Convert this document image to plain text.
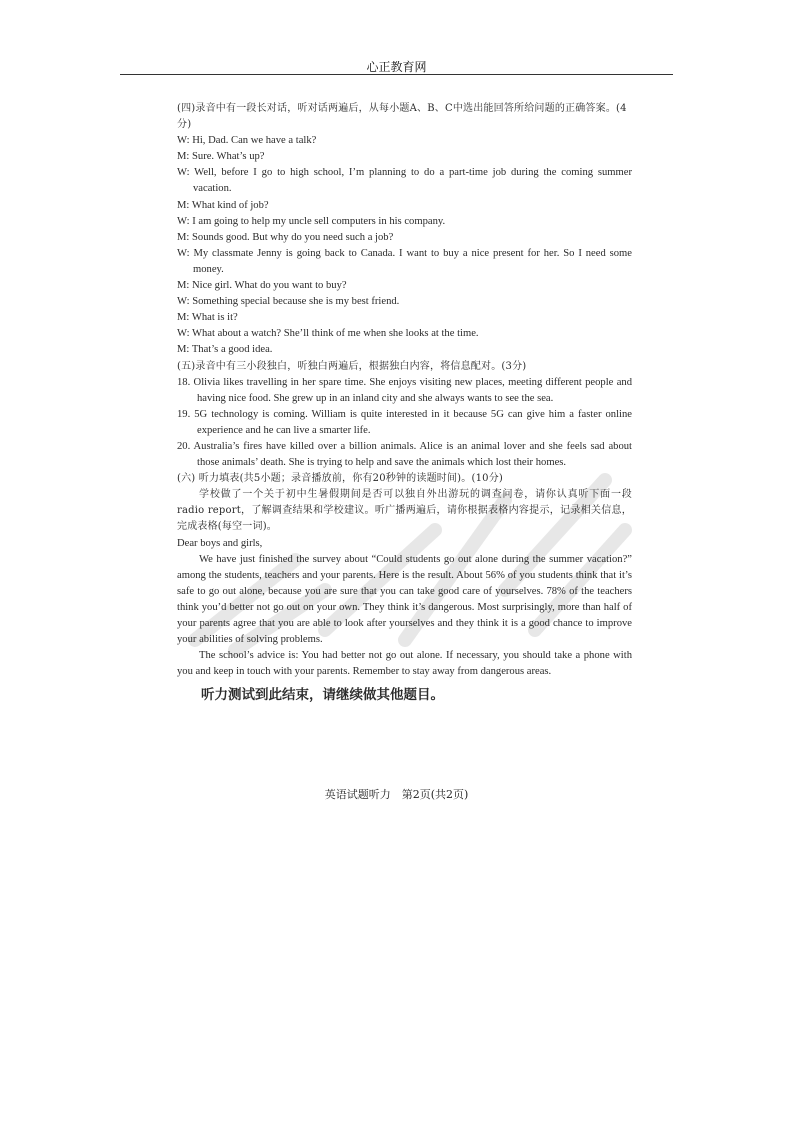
心正教育网

(四)录音中有一段长对话，听对话两遍后，从每小题A、B、C中选出能回答所给问题的正确答案。(4分)

W: Hi, Dad. Can we have a talk?

M: Sure. What’s up?

W: Well, before I go to high school, I’m planning to do a part-time job during the coming summer vacation.

M: What kind of job?

W: I am going to help my uncle sell computers in his company.

M: Sounds good. But why do you need such a job?

W: My classmate Jenny is going back to Canada. I want to buy a nice present for her. So I need some money.

M: Nice girl. What do you want to buy?

W: Something special because she is my best friend.

M: What is it?

W: What about a watch? She’ll think of me when she looks at the time.

M: That’s a good idea.

(五)录音中有三小段独白，听独白两遍后，根据独白内容，将信息配对。(3分)

18. Olivia likes travelling in her spare time. She enjoys visiting new places, meeting different people and having nice food. She grew up in an inland city and she always wants to see the sea.

19. 5G technology is coming. William is quite interested in it because 5G can give him a faster online experience and he can live a smarter life.

20. Australia’s fires have killed over a billion animals. Alice is an animal lover and she feels sad about those animals’ death. She is trying to help and save the animals which lost their homes.

(六) 听力填表(共5小题；录音播放前，你有20秒钟的读题时间)。(10分)

学校做了一个关于初中生暑假期间是否可以独自外出游玩的调查问卷，请你认真听下面一段radio report，了解调查结果和学校建议。听广播两遍后，请你根据表格内容提示，记录相关信息，完成表格(每空一词)。

Dear boys and girls,

We have just finished the survey about “Could students go out alone during the summer vacation?” among the students, teachers and your parents. Here is the result. About 56% of you students think that it’s safe to go out alone, because you are sure that you can take good care of yourselves. 78% of the teachers think you’d better not go out on your own. They think it’s dangerous. Most surprisingly, more than half of your parents agree that you are able to look after yourselves and they think it is a good chance to improve your abilities of solving problems.

The school’s advice is: You had better not go out alone. If necessary, you should take a phone with you and keep in touch with your parents. Remember to stay away from dangerous areas.

听力测试到此结束，请继续做其他题目。

英语试题听力　第2页(共2页)
